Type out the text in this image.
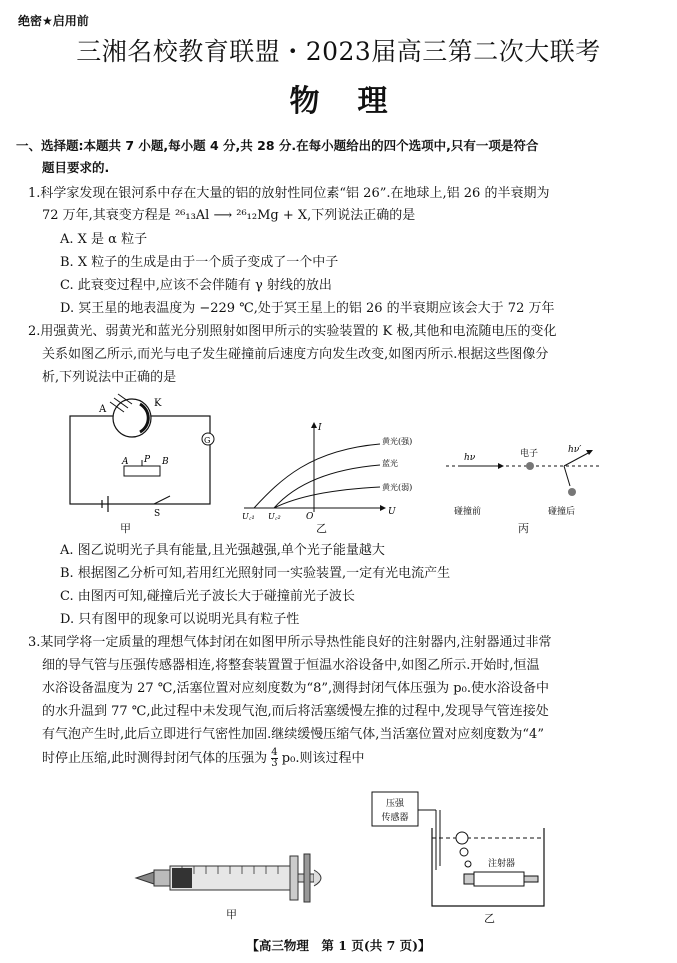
绝密★启用前
三湘名校教育联盟・2023届高三第二次大联考
物理
一、选择题:本题共 7 小题,每小题 4 分,共 28 分.在每小题给出的四个选项中,只有一项是符合
题目要求的.
1.科学家发现在银河系中存在大量的铝的放射性同位素“铝 26”.在地球上,铝 26 的半衰期为
72 万年,其衰变方程是 ²⁶₁₃Al ⟶ ²⁶₁₂Mg + X,下列说法正确的是
A. X 是 α 粒子
B. X 粒子的生成是由于一个质子变成了一个中子
C. 此衰变过程中,应该不会伴随有 γ 射线的放出
D. 冥王星的地表温度为 −229 ℃,处于冥王星上的铝 26 的半衰期应该会大于 72 万年
2.用强黄光、弱黄光和蓝光分别照射如图甲所示的实验装置的 K 极,其他和电流随电压的变化
关系如图乙所示,而光与电子发生碰撞前后速度方向发生改变,如图丙所示.根据这些图像分
析,下列说法中正确的是
A
K
G
A P B
S
甲
I
U
O
U꜀₁ U꜀₂
黄光(强)
蓝光
黄光(弱)
乙
hν
hν′
电子
碰撞前	碰撞后
丙
A. 图乙说明光子具有能量,且光强越强,单个光子能量越大
B. 根据图乙分析可知,若用红光照射同一实验装置,一定有光电流产生
C. 由图丙可知,碰撞后光子波长大于碰撞前光子波长
D. 只有图甲的现象可以说明光具有粒子性
3.某同学将一定质量的理想气体封闭在如图甲所示导热性能良好的注射器内,注射器通过非常
细的导气管与压强传感器相连,将整套装置置于恒温水浴设备中,如图乙所示.开始时,恒温
水浴设备温度为 27 ℃,活塞位置对应刻度数为“8”,测得封闭气体压强为 p₀.使水浴设备中
的水升温到 77 ℃,此过程中未发现气泡,而后将活塞缓慢左推的过程中,发现导气管连接处
有气泡产生时,此后立即进行气密性加固.继续缓慢压缩气体,当活塞位置对应刻度数为“4”
时停止压缩,此时测得封闭气体的压强为 $\frac{4}{3} p_0$.则该过程中
甲
压强
传感器
注射器
乙
【高三物理　第 1 页(共 7 页)】
